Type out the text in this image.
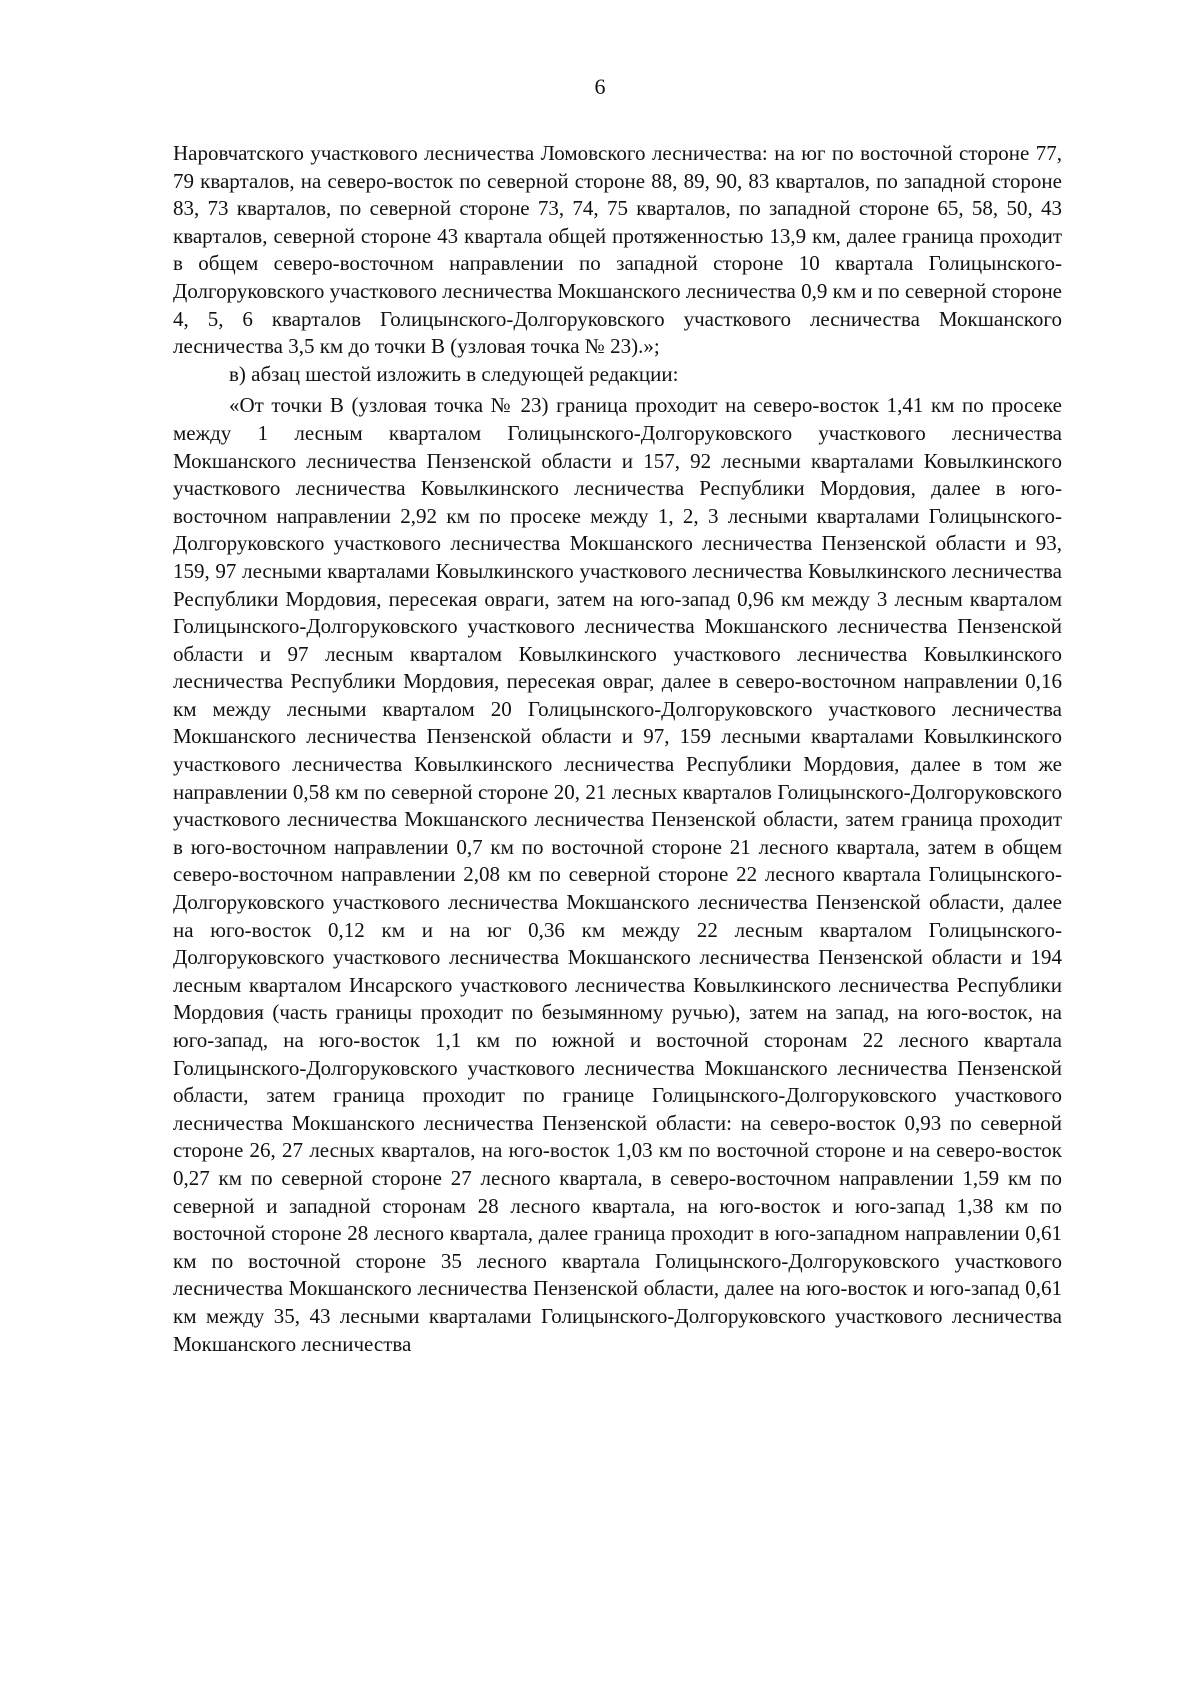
6

Наровчатского участкового лесничества Ломовского лесничества: на юг по восточной стороне 77, 79 кварталов, на северо-восток по северной стороне 88, 89, 90, 83 кварталов, по западной стороне 83, 73 кварталов, по северной стороне 73, 74, 75 кварталов, по западной стороне 65, 58, 50, 43 кварталов, северной стороне 43 квартала общей протяженностью 13,9 км, далее граница проходит в общем северо-восточном направлении по западной стороне 10 квартала Голицынского-Долгоруковского участкового лесничества Мокшанского лесничества 0,9 км и по северной стороне 4, 5, 6 кварталов Голицынского-Долгоруковского участкового лесничества Мокшанского лесничества 3,5 км до точки В (узловая точка № 23).»;

в) абзац шестой изложить в следующей редакции:

«От точки В (узловая точка № 23) граница проходит на северо-восток 1,41 км по просеке между 1 лесным кварталом Голицынского-Долгоруковского участкового лесничества Мокшанского лесничества Пензенской области и 157, 92 лесными кварталами Ковылкинского участкового лесничества Ковылкинского лесничества Республики Мордовия, далее в юго-восточном направлении 2,92 км по просеке между 1, 2, 3 лесными кварталами Голицынского-Долгоруковского участкового лесничества Мокшанского лесничества Пензенской области и 93, 159, 97 лесными кварталами Ковылкинского участкового лесничества Ковылкинского лесничества Республики Мордовия, пересекая овраги, затем на юго-запад 0,96 км между 3 лесным кварталом Голицынского-Долгоруковского участкового лесничества Мокшанского лесничества Пензенской области и 97 лесным кварталом Ковылкинского участкового лесничества Ковылкинского лесничества Республики Мордовия, пересекая овраг, далее в северо-восточном направлении 0,16 км между лесными кварталом 20 Голицынского-Долгоруковского участкового лесничества Мокшанского лесничества Пензенской области и 97, 159 лесными кварталами Ковылкинского участкового лесничества Ковылкинского лесничества Республики Мордовия, далее в том же направлении 0,58 км по северной стороне 20, 21 лесных кварталов Голицынского-Долгоруковского участкового лесничества Мокшанского лесничества Пензенской области, затем граница проходит в юго-восточном направлении 0,7 км по восточной стороне 21 лесного квартала, затем в общем северо-восточном направлении 2,08 км по северной стороне 22 лесного квартала Голицынского-Долгоруковского участкового лесничества Мокшанского лесничества Пензенской области, далее на юго-восток 0,12 км и на юг 0,36 км между 22 лесным кварталом Голицынского-Долгоруковского участкового лесничества Мокшанского лесничества Пензенской области и 194 лесным кварталом Инсарского участкового лесничества Ковылкинского лесничества Республики Мордовия (часть границы проходит по безымянному ручью), затем на запад, на юго-восток, на юго-запад, на юго-восток 1,1 км по южной и восточной сторонам 22 лесного квартала Голицынского-Долгоруковского участкового лесничества Мокшанского лесничества Пензенской области, затем граница проходит по границе Голицынского-Долгоруковского участкового лесничества Мокшанского лесничества Пензенской области: на северо-восток 0,93 по северной стороне 26, 27 лесных кварталов, на юго-восток 1,03 км по восточной стороне и на северо-восток 0,27 км по северной стороне 27 лесного квартала, в северо-восточном направлении 1,59 км по северной и западной сторонам 28 лесного квартала, на юго-восток и юго-запад 1,38 км по восточной стороне 28 лесного квартала, далее граница проходит в юго-западном направлении 0,61 км по восточной стороне 35 лесного квартала Голицынского-Долгоруковского участкового лесничества Мокшанского лесничества Пензенской области, далее на юго-восток и юго-запад 0,61 км между 35, 43 лесными кварталами Голицынского-Долгоруковского участкового лесничества Мокшанского лесничества
